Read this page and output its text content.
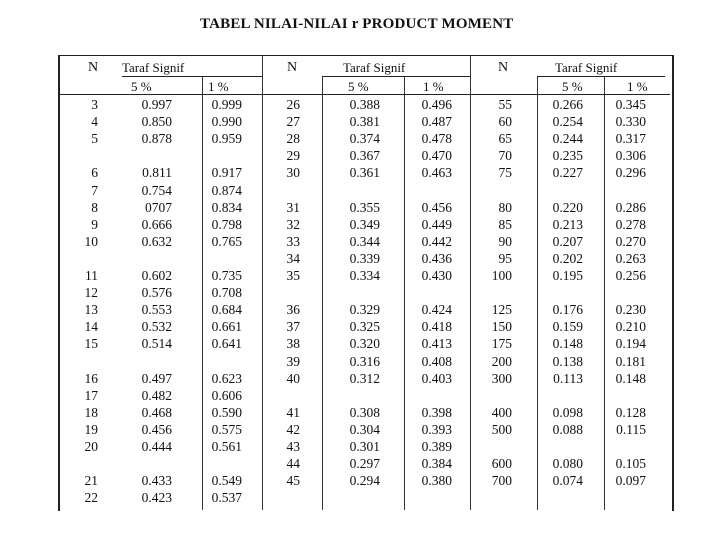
TABEL NILAI-NILAI r PRODUCT MOMENT
N Taraf Signif
5 %	1 %
3	0.997	0.999
4	0.850	0.990
5	0.878	0.959
6	0.811	0.917
7	0.754	0.874
8	0707	0.834
9	0.666	0.798
10	0.632	0.765
11	0.602	0.735
12	0.576	0.708
13	0.553	0.684
14	0.532	0.661
15	0.514	0.641
16	0.497	0.623
17	0.482	0.606
18	0.468	0.590
19	0.456	0.575
20	0.444	0.561
21	0.433	0.549
22	0.423	0.537
N	Taraf Signif
5 %	1 %
26	0.388	0.496
27	0.381	0.487
28	0.374	0.478
29	0.367	0.470
30	0.361	0.463
31	0.355	0.456
32	0.349	0.449
33	0.344	0.442
34	0.339	0.436
35	0.334	0.430
36	0.329	0.424
37	0.325	0.418
38	0.320	0.413
39	0.316	0.408
40	0.312	0.403
41	0.308	0.398
42	0.304	0.393
43	0.301	0.389
44	0.297	0.384
45	0.294	0.380
N	Taraf Signif
5 %	1 %
55	0.266 0.345
60	0.254 0.330
65	0.244 0.317
70	0.235 0.306
75	0.227 0.296
80	0.220 0.286
85	0.213 0.278
90	0.207 0.270
95	0.202 0.263
100	0.195 0.256
125	0.176 0.230
150	0.159 0.210
175	0.148 0.194
200	0.138 0.181
300	0.113 0.148
400	0.098 0.128
500	0.088 0.115
600	0.080 0.105
700	0.074 0.097
